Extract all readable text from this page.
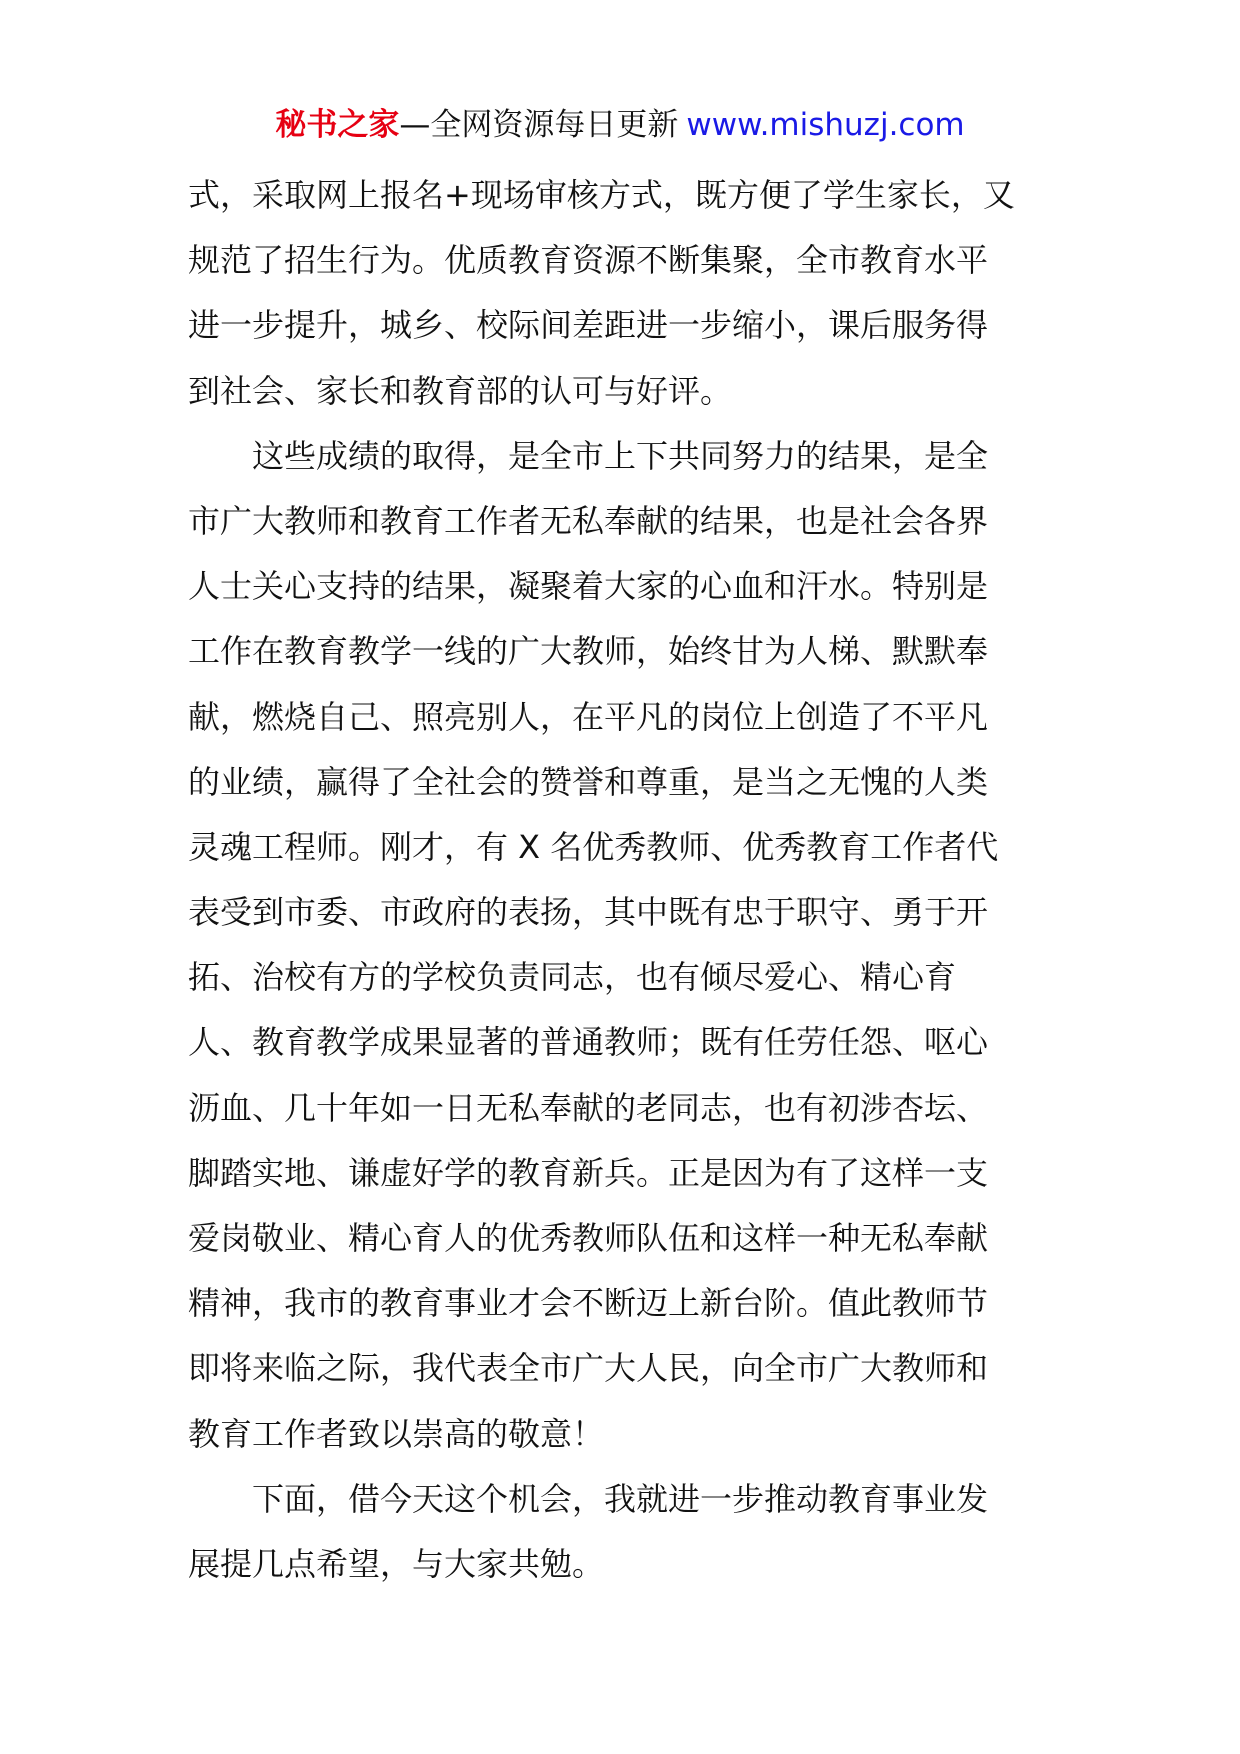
秘书之家—全网资源每日更新 www.mishuzj.com
式，采取网上报名+现场审核方式，既方便了学生家长，又
规范了招生行为。优质教育资源不断集聚，全市教育水平
进一步提升，城乡、校际间差距进一步缩小，课后服务得
到社会、家长和教育部的认可与好评。
这些成绩的取得，是全市上下共同努力的结果，是全
市广大教师和教育工作者无私奉献的结果，也是社会各界
人士关心支持的结果，凝聚着大家的心血和汗水。特别是
工作在教育教学一线的广大教师，始终甘为人梯、默默奉
献，燃烧自己、照亮别人，在平凡的岗位上创造了不平凡
的业绩，赢得了全社会的赞誉和尊重，是当之无愧的人类
灵魂工程师。刚才，有 X 名优秀教师、优秀教育工作者代
表受到市委、市政府的表扬，其中既有忠于职守、勇于开
拓、治校有方的学校负责同志，也有倾尽爱心、精心育
人、教育教学成果显著的普通教师；既有任劳任怨、呕心
沥血、几十年如一日无私奉献的老同志，也有初涉杏坛、
脚踏实地、谦虚好学的教育新兵。正是因为有了这样一支
爱岗敬业、精心育人的优秀教师队伍和这样一种无私奉献
精神，我市的教育事业才会不断迈上新台阶。值此教师节
即将来临之际，我代表全市广大人民，向全市广大教师和
教育工作者致以崇高的敬意！
下面，借今天这个机会，我就进一步推动教育事业发
展提几点希望，与大家共勉。
